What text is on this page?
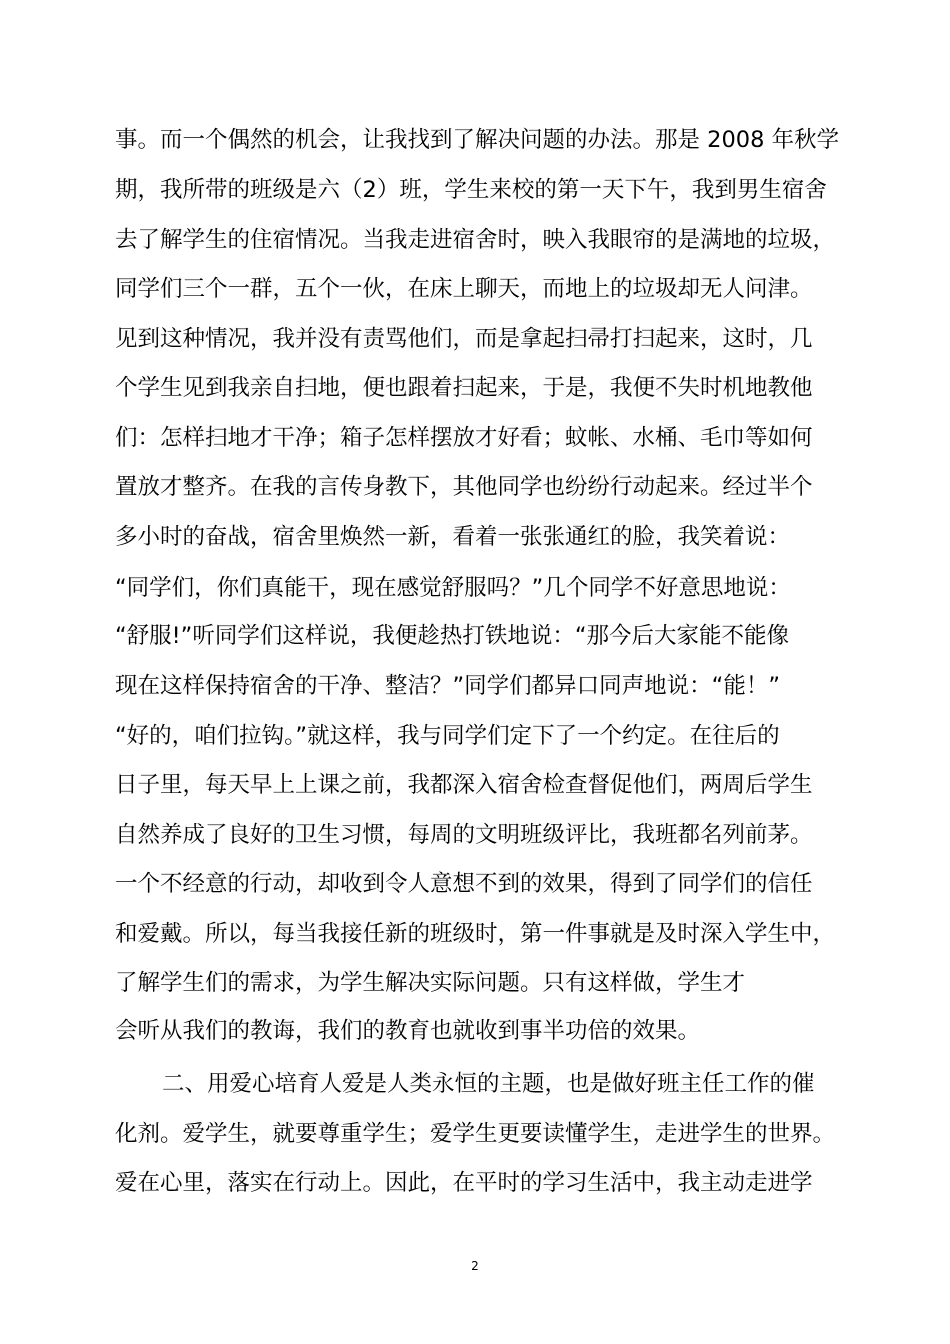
事。而一个偶然的机会，让我找到了解决问题的办法。那是 2008 年秋学
期，我所带的班级是六（2）班，学生来校的第一天下午，我到男生宿舍
去了解学生的住宿情况。当我走进宿舍时，映入我眼帘的是满地的垃圾，
同学们三个一群，五个一伙，在床上聊天，而地上的垃圾却无人问津。
见到这种情况，我并没有责骂他们，而是拿起扫帚打扫起来，这时，几
个学生见到我亲自扫地，便也跟着扫起来，于是，我便不失时机地教他
们：怎样扫地才干净；箱子怎样摆放才好看；蚊帐、水桶、毛巾等如何
置放才整齐。在我的言传身教下，其他同学也纷纷行动起来。经过半个
多小时的奋战，宿舍里焕然一新，看着一张张通红的脸，我笑着说：
“同学们，你们真能干，现在感觉舒服吗？”几个同学不好意思地说：
“舒服!”听同学们这样说，我便趁热打铁地说：“那今后大家能不能像
现在这样保持宿舍的干净、整洁？”同学们都异口同声地说：“能！”
“好的，咱们拉钩。”就这样，我与同学们定下了一个约定。在往后的
日子里，每天早上上课之前，我都深入宿舍检查督促他们，两周后学生
自然养成了良好的卫生习惯，每周的文明班级评比，我班都名列前茅。
一个不经意的行动，却收到令人意想不到的效果，得到了同学们的信任
和爱戴。所以，每当我接任新的班级时，第一件事就是及时深入学生中，
了解学生们的需求，为学生解决实际问题。只有这样做，学生才
会听从我们的教诲，我们的教育也就收到事半功倍的效果。
二、用爱心培育人爱是人类永恒的主题，也是做好班主任工作的催
化剂。爱学生，就要尊重学生；爱学生更要读懂学生，走进学生的世界。
爱在心里，落实在行动上。因此，在平时的学习生活中，我主动走进学
2
